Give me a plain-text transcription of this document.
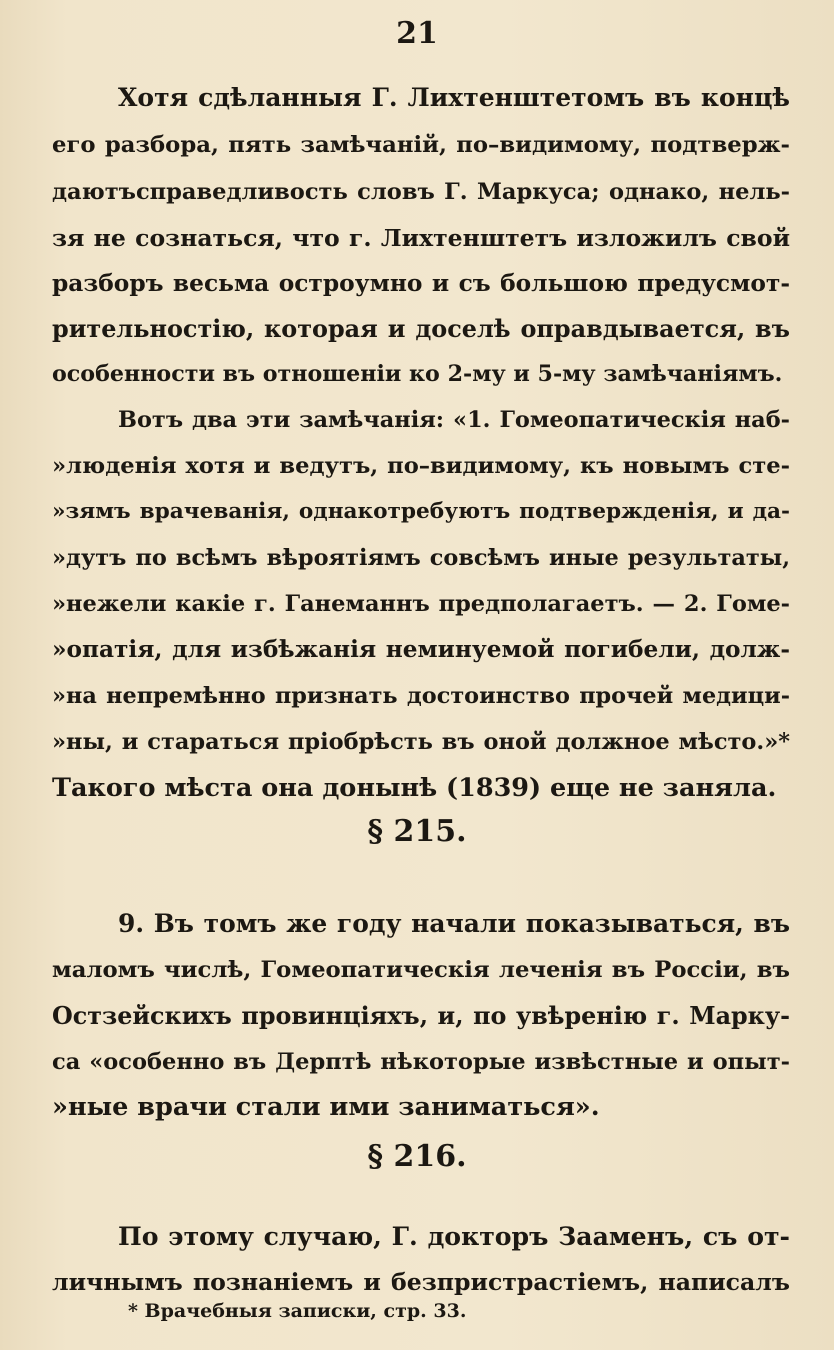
21
Хотя сдѣланныя Г. Лихтенштетомъ въ концѣ
его разбора, пять замѣчаній, по–видимому, подтверж-
даютъсправедливость словъ Г. Маркуса; однако, нель-
зя не сознаться, что г. Лихтенштетъ изложилъ свой
разборъ весьма остроумно и съ большою предусмот-
рительностію, которая и доселѣ оправдывается, въ
особенности въ отношеніи ко 2-му и 5-му замѣчаніямъ.
Вотъ два эти замѣчанія: «1. Гомеопатическія наб-
»люденія хотя и ведутъ, по–видимому, къ новымъ сте-
»зямъ врачеванія, однакотребуютъ подтвержденія, и да-
»дутъ по всѣмъ вѣроятіямъ совсѣмъ иные результаты,
»нежели какіе г. Ганеманнъ предполагаетъ. — 2. Гоме-
»опатія, для избѣжанія неминуемой погибели, долж-
»на непремѣнно признать достоинство прочей медици-
»ны, и стараться пріобрѣсть въ оной должное мѣсто.»*
Такого мѣста она донынѣ (1839) еще не заняла.
§ 215.
9. Въ томъ же году начали показываться, въ
маломъ числѣ, Гомеопатическія леченія въ Россіи, въ
Остзейскихъ провинціяхъ, и, по увѣренію г. Марку-
са «особенно въ Дерптѣ нѣкоторые извѣстные и опыт-
»ные врачи стали ими заниматься».
§ 216.
По этому случаю, Г. докторъ Зааменъ, съ от-
личнымъ познаніемъ и безпристрастіемъ, написалъ
* Врачебныя записки, стр. 33.
